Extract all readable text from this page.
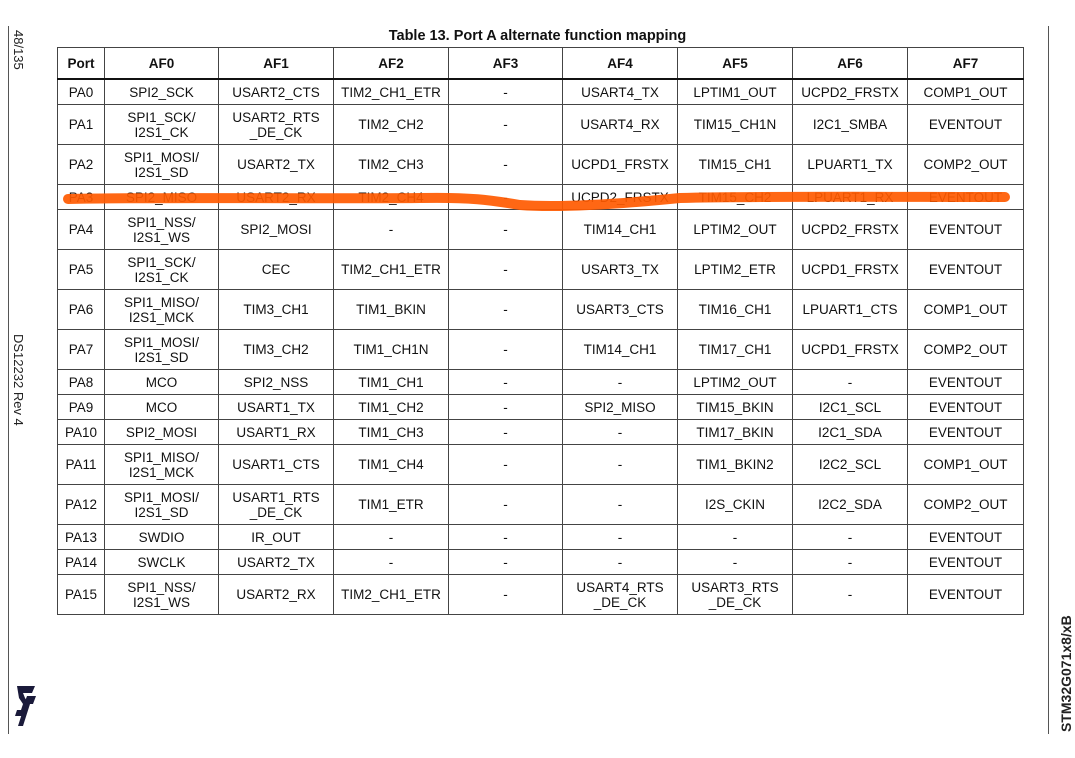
48/135
DS12232 Rev 4
STM32G071x8/xB
Table 13. Port A alternate function mapping
Port	AF0	AF1	AF2	AF3	AF4	AF5	AF6	AF7
PA0	SPI2_SCK	USART2_CTS	TIM2_CH1_ETR	-	USART4_TX	LPTIM1_OUT	UCPD2_FRSTX	COMP1_OUT
PA1	SPI1_SCK/
I2S1_CK	USART2_RTS
_DE_CK	TIM2_CH2	-	USART4_RX	TIM15_CH1N	I2C1_SMBA	EVENTOUT
PA2	SPI1_MOSI/
I2S1_SD	USART2_TX	TIM2_CH3	-	UCPD1_FRSTX	TIM15_CH1	LPUART1_TX	COMP2_OUT
PA3	SPI2_MISO	USART2_RX	TIM2_CH4	-	UCPD2_FRSTX	TIM15_CH2	LPUART1_RX	EVENTOUT
PA4	SPI1_NSS/
I2S1_WS	SPI2_MOSI	-	-	TIM14_CH1	LPTIM2_OUT	UCPD2_FRSTX	EVENTOUT
PA5	SPI1_SCK/
I2S1_CK	CEC	TIM2_CH1_ETR	-	USART3_TX	LPTIM2_ETR	UCPD1_FRSTX	EVENTOUT
PA6	SPI1_MISO/
I2S1_MCK	TIM3_CH1	TIM1_BKIN	-	USART3_CTS	TIM16_CH1	LPUART1_CTS	COMP1_OUT
PA7	SPI1_MOSI/
I2S1_SD	TIM3_CH2	TIM1_CH1N	-	TIM14_CH1	TIM17_CH1	UCPD1_FRSTX	COMP2_OUT
PA8	MCO	SPI2_NSS	TIM1_CH1	-	-	LPTIM2_OUT	-	EVENTOUT
PA9	MCO	USART1_TX	TIM1_CH2	-	SPI2_MISO	TIM15_BKIN	I2C1_SCL	EVENTOUT
PA10	SPI2_MOSI	USART1_RX	TIM1_CH3	-	-	TIM17_BKIN	I2C1_SDA	EVENTOUT
PA11	SPI1_MISO/
I2S1_MCK	USART1_CTS	TIM1_CH4	-	-	TIM1_BKIN2	I2C2_SCL	COMP1_OUT
PA12	SPI1_MOSI/
I2S1_SD	USART1_RTS
_DE_CK	TIM1_ETR	-	-	I2S_CKIN	I2C2_SDA	COMP2_OUT
PA13	SWDIO	IR_OUT	-	-	-	-	-	EVENTOUT
PA14	SWCLK	USART2_TX	-	-	-	-	-	EVENTOUT
PA15	SPI1_NSS/
I2S1_WS	USART2_RX	TIM2_CH1_ETR	-	USART4_RTS
_DE_CK	USART3_RTS
_DE_CK	-	EVENTOUT
